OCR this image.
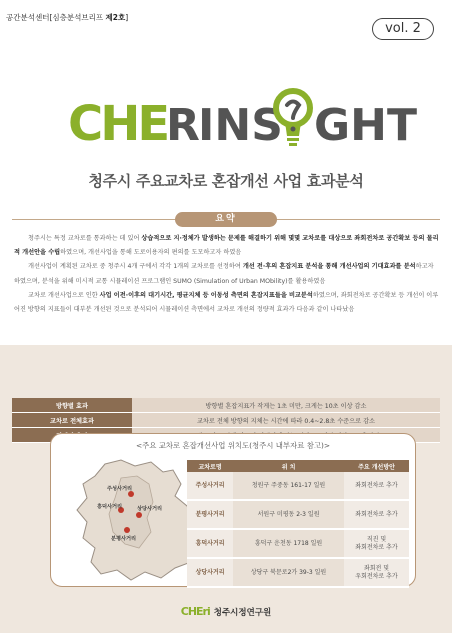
공간분석센터[심층분석브리프 제2호]
vol. 2
CHE
R
INS GHT
청주시 주요교차로 혼잡개선 사업 효과분석
요약

청주시는 특정 교차로를 통과하는 데 있어 상습적으로 지·정체가 발생하는 문제를 해결하기 위해 몇몇 교차로를 대상으로 좌회전차로 공간확보 등의 물리적 개선안을 수립하였으며, 개선사업을 통해 도로이용자의 편의를 도모하고자 하였음

개선사업이 계획된 교차로 중 청주시 4개 구에서 각각 1개의 교차로를 선정하여 개선 전·후의 혼잡지표 분석을 통해 개선사업의 기대효과를 분석하고자 하였으며, 분석을 위해 미시적 교통 시뮬레이션 프로그램인 SUMO (Simulation of Urban MObility)를 활용하였음

교차로 개선사업으로 인한 사업 이전·이후의 대기시간, 평균지체 등 이동성 측면의 혼잡지표들을 비교분석하였으며, 좌회전차로 공간확보 등 개선이 이루어진 방향의 지표들이 대부분 개선된 것으로 분석되어 시뮬레이션 측면에서 교차로 개선의 정량적 효과가 다음과 같이 나타났음

방향별 효과	방향별 혼잡지표가 작게는 1초 미만, 크게는 10초 이상 감소
교차로 전체효과	교차로 전체 방향의 지체는 시간에 따라 0.4~2.8초 수준으로 감소

<주요 교차로 혼잡개선사업 위치도(청주시 내부자료 참고)>
주성사거리
흥덕사거리	상당사거리
분평사거리
교차로명	위 치	주요 개선방안
주성사거리	청원구 주중동 161-17 일원	좌회전차로 추가

분평사거리	서원구 미평동 2-3 일원	좌회전차로 추가

흥덕사거리	흥덕구 운천동 1718 일원	직진 및
좌회전차로 추가
상당사거리	상당구 북문로2가 39-3 일원	좌회전 및
우회전차로 추가
CHEri 청주시정연구원
